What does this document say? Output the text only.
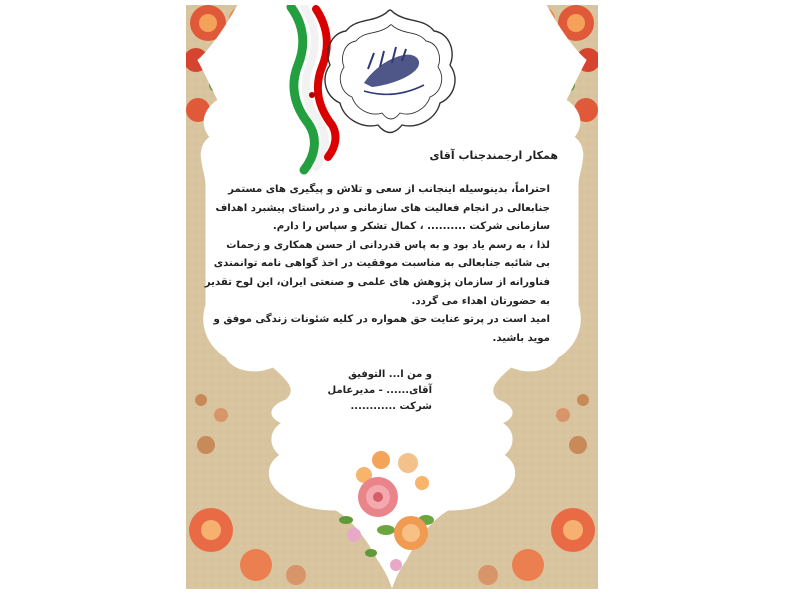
همکار ارجمندجناب آقای
احتراماً، بدینوسیله اینجانب از سعی و تلاش و پیگیری های مستمر
جنابعالی در انجام فعالیت های سازمانی و در راستای پیشبرد اهداف
سازمانی شرکت .......... ، کمال تشکر و سپاس را دارم.
لذا ، به رسم یاد بود و به پاس قدردانی از حسن همکاری و زحمات
بی شائبه جنابعالی به مناسبت موفقیت در اخذ گواهی نامه توانمندی
فناورانه از سازمان پژوهش های علمی و صنعتی ایران، این لوح تقدیر
به حضورتان اهداء می گردد.
امید است در پرتو عنایت حق همواره در کلیه شئونات زندگی موفق و
موید باشید.
و من ا... التوفیق
آقای...... - مدیرعامل
شرکت ............
